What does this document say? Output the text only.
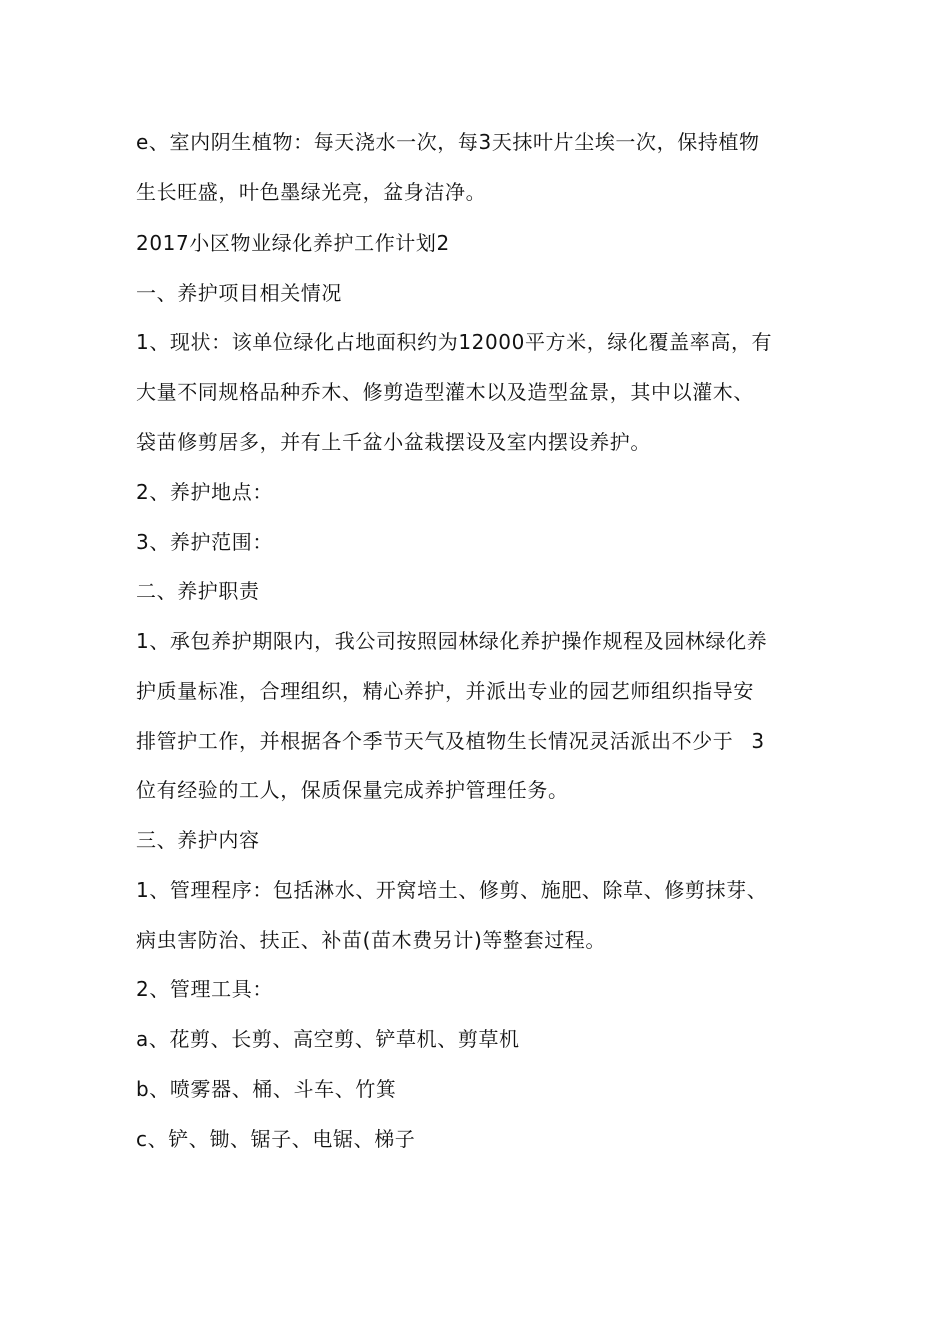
e、室内阴生植物：每天浇水一次，每3天抹叶片尘埃一次，保持植物
生长旺盛，叶色墨绿光亮，盆身洁净。
2017小区物业绿化养护工作计划2
一、养护项目相关情况
1、现状：该单位绿化占地面积约为12000平方米，绿化覆盖率高，有
大量不同规格品种乔木、修剪造型灌木以及造型盆景，其中以灌木、
袋苗修剪居多，并有上千盆小盆栽摆设及室内摆设养护。
2、养护地点：
3、养护范围：
二、养护职责
1、承包养护期限内，我公司按照园林绿化养护操作规程及园林绿化养
护质量标准，合理组织，精心养护，并派出专业的园艺师组织指导安
排管护工作，并根据各个季节天气及植物生长情况灵活派出不少于 3
位有经验的工人，保质保量完成养护管理任务。
三、养护内容
1、管理程序：包括淋水、开窝培土、修剪、施肥、除草、修剪抹芽、
病虫害防治、扶正、补苗(苗木费另计)等整套过程。
2、管理工具：
a、花剪、长剪、高空剪、铲草机、剪草机
b、喷雾器、桶、斗车、竹箕
c、铲、锄、锯子、电锯、梯子
